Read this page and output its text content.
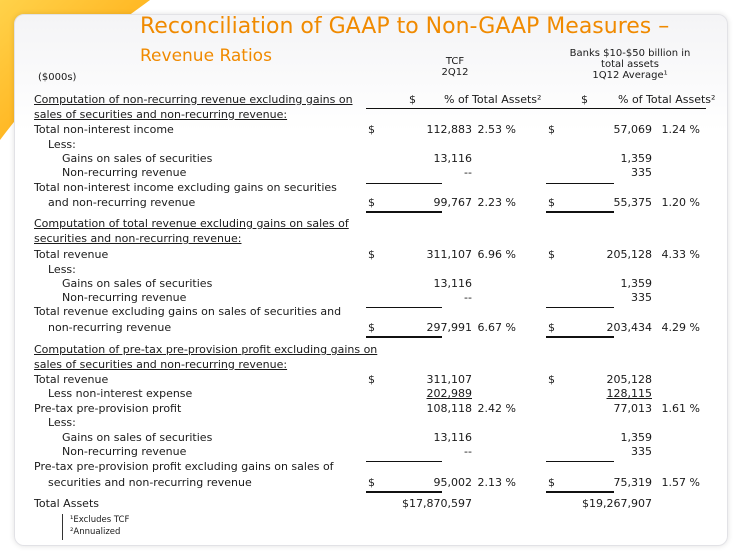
Reconciliation of GAAP to Non-GAAP Measures –
Revenue Ratios
($000s)
TCF
2Q12
Banks $10-$50 billion in
total assets
1Q12 Average¹
Computation of non-recurring revenue excluding gains on	$	% of Total Assets²	$	% of Total Assets²
sales of securities and non-recurring revenue:
Total non-interest income	$	112,883 2.53 %	$	57,069 1.24 %
Less:
Gains on sales of securities	13,116	1,359
Non-recurring revenue	--	335
Total non-interest income excluding gains on securities
and non-recurring revenue	$	99,767 2.23 %	$	55,375 1.20 %
Computation of total revenue excluding gains on sales of
securities and non-recurring revenue:
Total revenue	$	311,107 6.96 %	$	205,128 4.33 %
Less:
Gains on sales of securities	13,116	1,359
Non-recurring revenue	--	335
Total revenue excluding gains on sales of securities and
non-recurring revenue	$	297,991 6.67 %	$	203,434 4.29 %
Computation of pre-tax pre-provision profit excluding gains on
sales of securities and non-recurring revenue:
Total revenue	$	311,107	$	205,128
Less non-interest expense	202,989	128,115
Pre-tax pre-provision profit	108,118 2.42 %	77,013 1.61 %
Less:
Gains on sales of securities	13,116	1,359
Non-recurring revenue	--	335
Pre-tax pre-provision profit excluding gains on sales of
securities and non-recurring revenue	$	95,002 2.13 %	$	75,319 1.57 %
Total Assets	$17,870,597	$19,267,907
¹Excludes TCF
²Annualized
